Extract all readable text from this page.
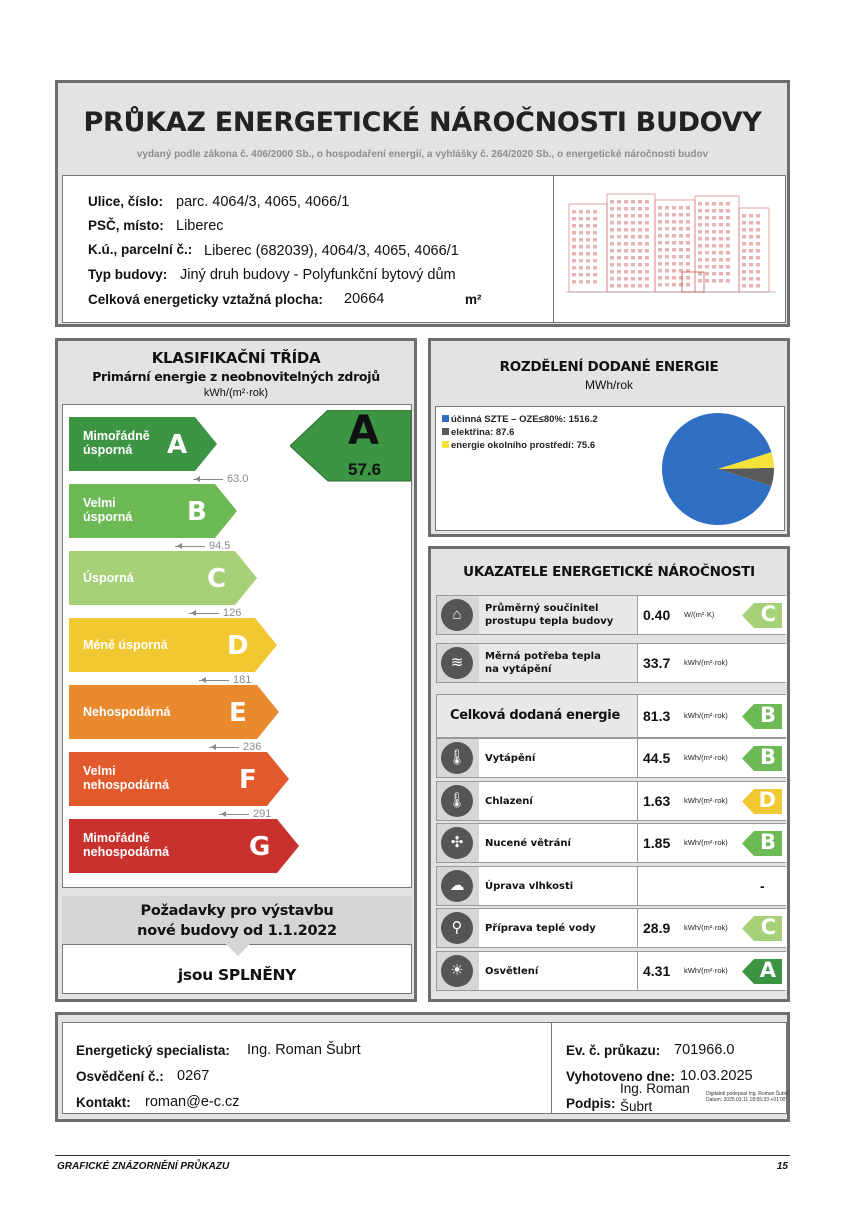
PRŮKAZ ENERGETICKÉ NÁROČNOSTI BUDOVY
vydaný podle zákona č. 406/2000 Sb., o hospodaření energií, a vyhlášky č. 264/2020 Sb., o energetické náročnosti budov
Ulice, číslo: parc. 4064/3, 4065, 4066/1
PSČ, místo: Liberec
K.ú., parcelní č.: Liberec (682039), 4064/3, 4065, 4066/1
Typ budovy: Jiný druh budovy - Polyfunkční bytový dům
Celková energeticky vztažná plocha: 20664	m²
KLASIFIKAČNÍ TŘÍDA
Primární energie z neobnovitelných zdrojů
kWh/(m²·rok)
Mimořádně
úsporná	A
Velmi
úsporná B
Úsporná	C
Méně úsporná D
Nehospodárná E
Velmi
nehospodárná	F
Mimořádně
nehospodárná	G
63.0
94.5
126
181
236
291
A
57.6
Požadavky pro výstavbu
nové budovy od 1.1.2022
jsou SPLNĚNY
ROZDĚLENÍ DODANÉ ENERGIE
MWh/rok
účinná SZTE – OZE≤80%: 1516.2
elektřina: 87.6
energie okolního prostředí: 75.6
UKAZATELE ENERGETICKÉ NÁROČNOSTI
⌂	Průměrný součinitel
prostupu tepla budovy 0.40 W/(m²·K) C
≋	Měrná potřeba tepla
na vytápění	33.7 kWh/(m²·rok)
Celková dodaná energie 81.3 kWh/(m²·rok) B
🌡	Vytápění	44.5 kWh/(m²·rok) B
🌡	Chlazení	1.63 kWh/(m²·rok) D
✣	Nucené větrání	1.85 kWh/(m²·rok) B
☁	Úprava vlhkosti	-
⚲	Příprava teplé vody	28.9 kWh/(m²·rok) C
☀	Osvětlení	4.31 kWh/(m²·rok) A
Energetický specialista: Ing. Roman Šubrt
Osvědčení č.: 0267
Kontakt: roman@e-c.cz
Ev. č. průkazu: 701966.0
Vyhotoveno dne: 10.03.2025
Podpis:
Ing. Roman
Šubrt
Digitálně podepsal Ing. Roman Šubrt
Datum: 2025.03.11 18:55:33 +01'00'
GRAFICKÉ ZNÁZORNĚNÍ PRŮKAZU	15
